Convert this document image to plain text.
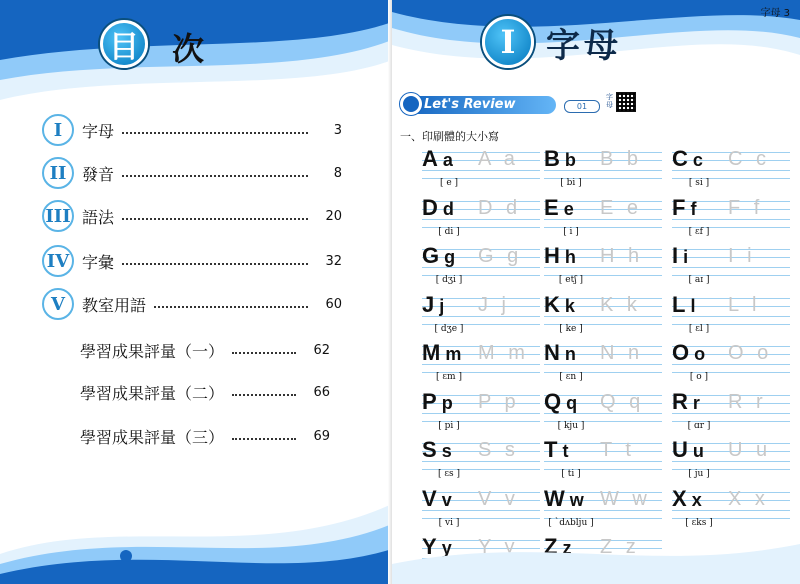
目 次
I	字母	3
II 發音	8
III 語法	20
IV 字彙	32
V	教室用語	60
學習成果評量（一）	62
學習成果評量（二）	66
學習成果評量（三）	69
字母 3
I 字母
Let's Review	01
字母
一、印刷體的大小寫
A a A a
[ e ]
B b B b
[ bi ]
C c C c
[ si ]
D d D d
[ di ]
E e E e
[ i ]
F f F f
[ ɛf ]
G g G g
[ dʒi ]
H h H h
[ etʃ ]
I i I i
[ aɪ ]
J j J j
[ dʒe ]
K k K k
[ ke ]
L l L l
[ ɛl ]
M m M m
[ ɛm ]
N n N n
[ ɛn ]
O o O o
[ o ]
P p P p
[ pi ]
Q q Q q
[ kju ]
R r R r
[ ɑr ]
S s S s
[ ɛs ]
T t T t
[ ti ]
U u U u
[ ju ]
V v V v
[ vi ]
W w W w
[ ˋdʌblju ]
X x X x
[ ɛks ]
Y y Y y Z z Z z
